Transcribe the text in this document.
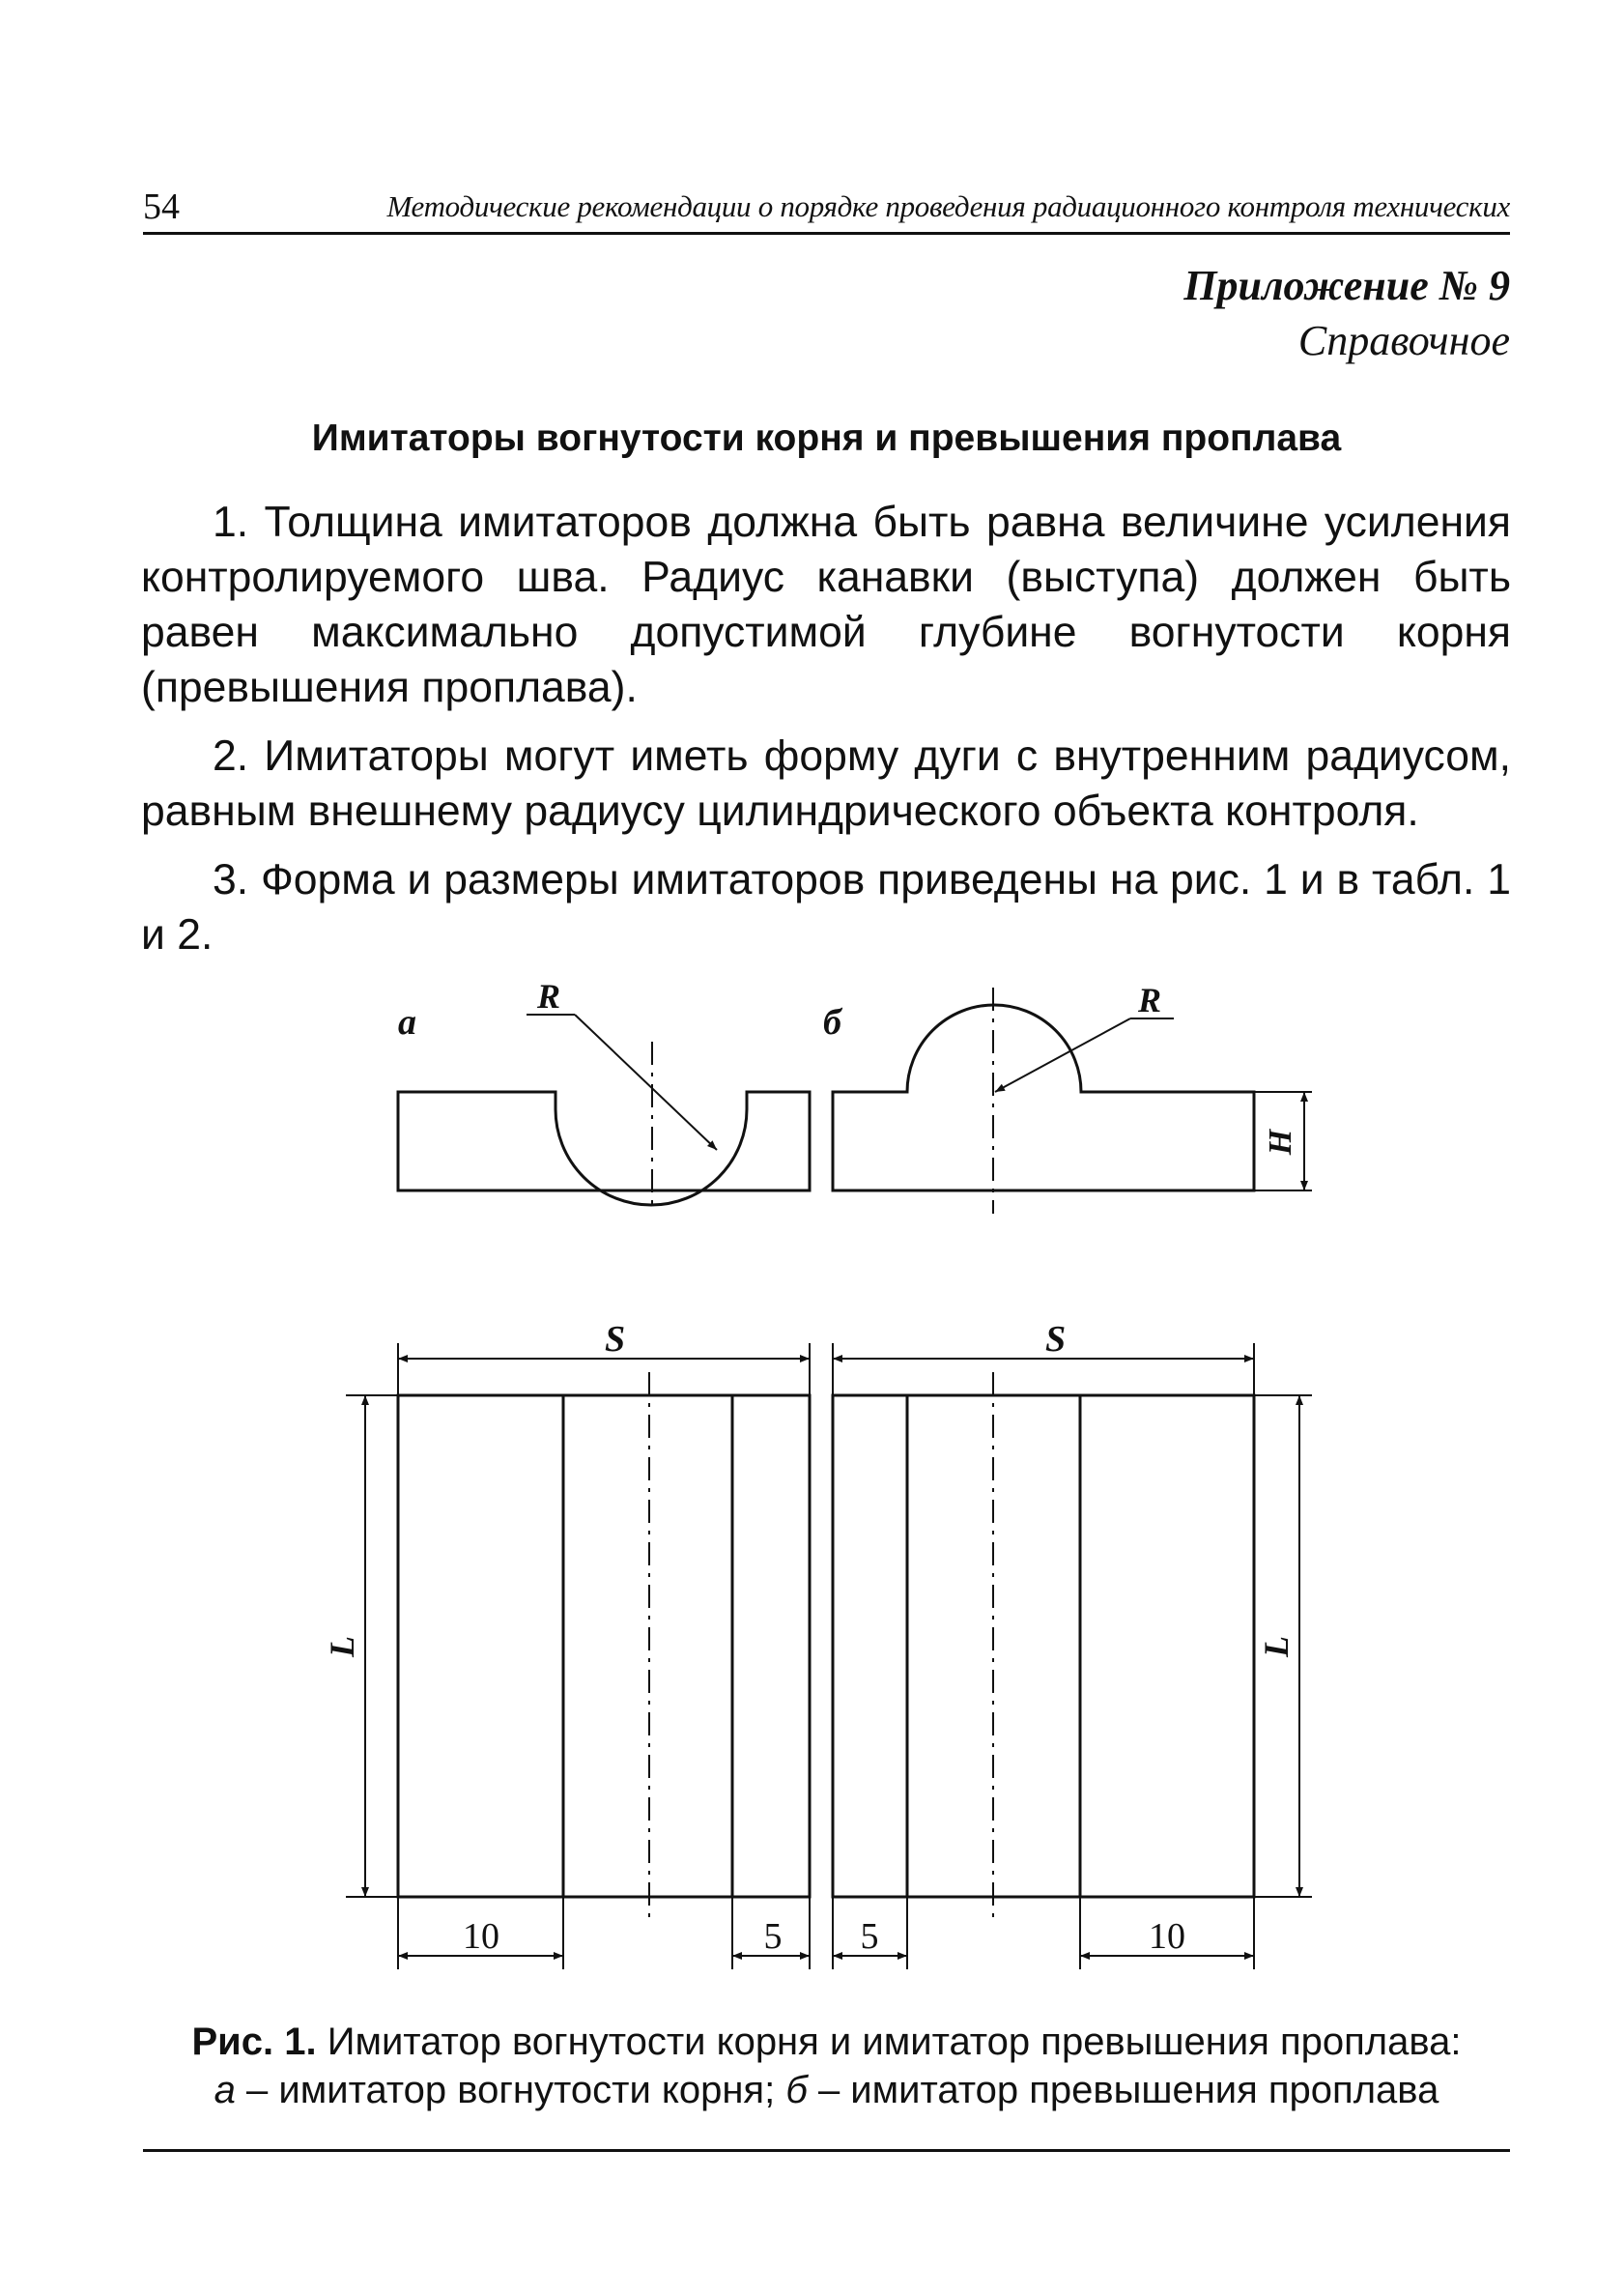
54	Методические рекомендации о порядке проведения радиационного контроля технических
Приложение № 9
Справочное
Имитаторы вогнутости корня и превышения проплава

1. Толщина имитаторов должна быть равна величине усиления контролируемого шва. Радиус канавки (выступа) должен быть равен максимально допустимой глубине вогнутости корня (превышения проплава).

2. Имитаторы могут иметь форму дуги с внутренним радиусом, равным внешнему радиусу цилиндрического объекта контроля.

3. Форма и размеры имитаторов приведены на рис. 1 и в табл. 1 и 2.

а	б
R	R
H
S	S
L	L
10	5 5	10
Рис. 1. Имитатор вогнутости корня и имитатор превышения проплава:
а – имитатор вогнутости корня; б – имитатор превышения проплава
